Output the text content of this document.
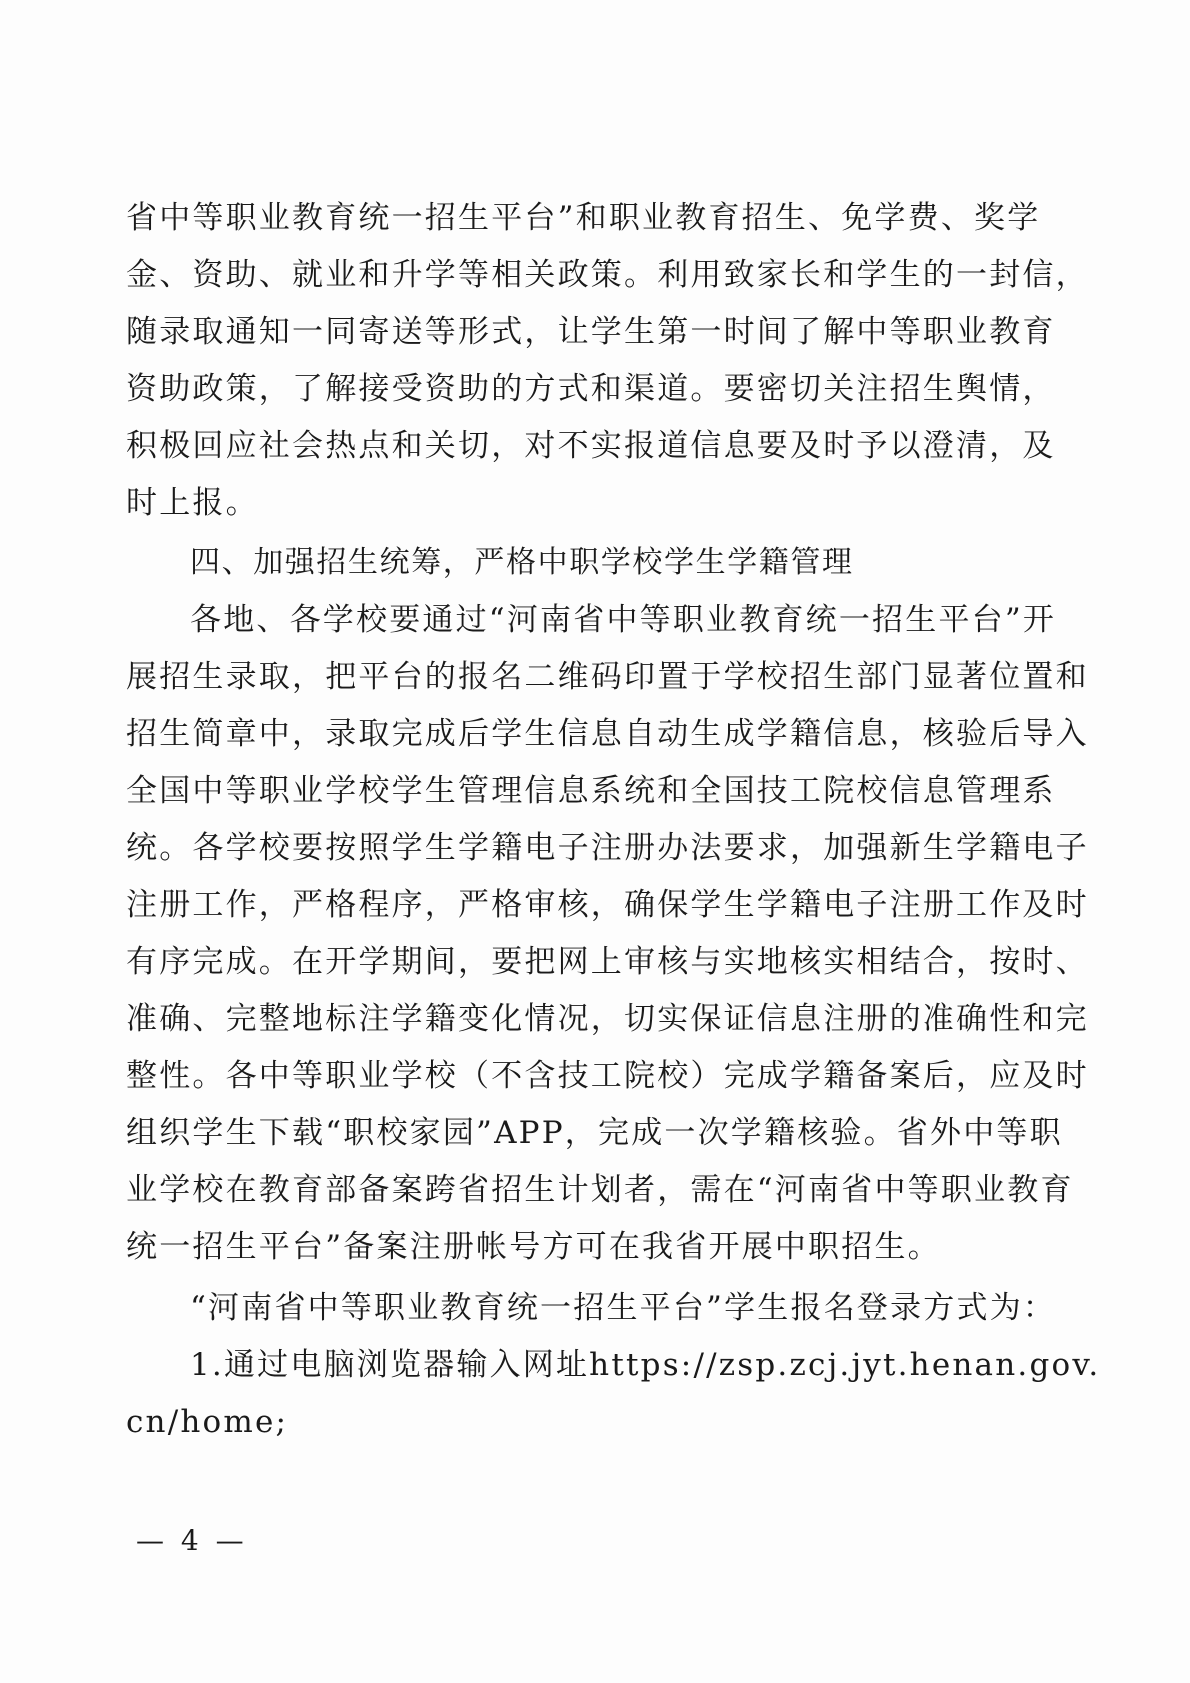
省中等职业教育统一招生平台”和职业教育招生、免学费、奖学
金、资助、就业和升学等相关政策。利用致家长和学生的一封信，
随录取通知一同寄送等形式，让学生第一时间了解中等职业教育
资助政策，了解接受资助的方式和渠道。要密切关注招生舆情，
积极回应社会热点和关切，对不实报道信息要及时予以澄清，及
时上报。
四、加强招生统筹，严格中职学校学生学籍管理
各地、各学校要通过“河南省中等职业教育统一招生平台”开
展招生录取，把平台的报名二维码印置于学校招生部门显著位置和
招生简章中，录取完成后学生信息自动生成学籍信息，核验后导入
全国中等职业学校学生管理信息系统和全国技工院校信息管理系
统。各学校要按照学生学籍电子注册办法要求，加强新生学籍电子
注册工作，严格程序，严格审核，确保学生学籍电子注册工作及时
有序完成。在开学期间，要把网上审核与实地核实相结合，按时、
准确、完整地标注学籍变化情况，切实保证信息注册的准确性和完
整性。各中等职业学校（不含技工院校）完成学籍备案后，应及时
组织学生下载“职校家园”APP，完成一次学籍核验。省外中等职
业学校在教育部备案跨省招生计划者，需在“河南省中等职业教育
统一招生平台”备案注册帐号方可在我省开展中职招生。
“河南省中等职业教育统一招生平台”学生报名登录方式为：
1.通过电脑浏览器输入网址https://zsp.zcj.jyt.henan.gov.
cn/home;
— 4 —
